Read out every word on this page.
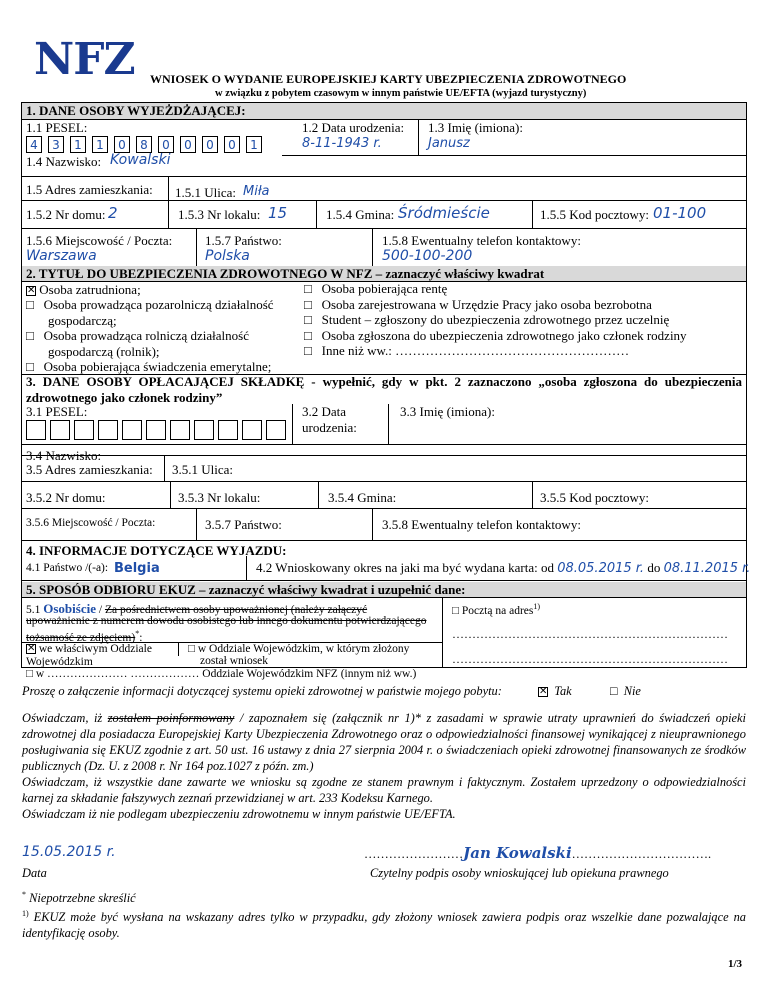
NFZ WNIOSEK O WYDANIE EUROPEJSKIEJ KARTY UBEZPIECZENIA ZDROWOTNEGO
w związku z pobytem czasowym w innym państwie UE/EFTA (wyjazd turystyczny)
1. DANE OSOBY WYJEŻDŻAJĄCEJ:
1.1 PESEL:
4	3	1	1	0	8	0	0	0	0	1
1.2 Data urodzenia:
8-11-1943 r.
1.3 Imię (imiona):
Janusz
1.4 Nazwisko: Kowalski
1.5 Adres zamieszkania: 1.5.1 Ulica: Miła
1.5.2 Nr domu: 2	1.5.3 Nr lokalu: 15	1.5.4 Gmina: Śródmieście	1.5.5 Kod pocztowy: 01-100
1.5.6 Miejscowość / Poczta:
Warszawa
1.5.7 Państwo:
Polska
1.5.8 Ewentualny telefon kontaktowy:
500-100-200
2. TYTUŁ DO UBEZPIECZENIA ZDROWOTNEGO W NFZ – zaznaczyć właściwy kwadrat
✕ Osoba zatrudniona;
□ Osoba prowadząca pozarolniczą działalność
gospodarczą;
□ Osoba prowadząca rolniczą działalność
gospodarczą (rolnik);
□ Osoba pobierająca świadczenia emerytalne;
□ Osoba pobierająca rentę
□ Osoba zarejestrowana w Urzędzie Pracy jako osoba bezrobotna
□ Student – zgłoszony do ubezpieczenia zdrowotnego przez uczelnię
□ Osoba zgłoszona do ubezpieczenia zdrowotnego jako członek rodziny
□ Inne niż ww.: ………………………………………………
3. DANE OSOBY OPŁACAJĄCEJ SKŁADKĘ - wypełnić, gdy w pkt. 2 zaznaczono „osoba zgłoszona do ubezpieczenia
zdrowotnego jako członek rodziny”
3.1 PESEL:	3.2 Data
urodzenia:
3.3 Imię (imiona):
3.4 Nazwisko:
3.5 Adres zamieszkania: 3.5.1 Ulica:
3.5.2 Nr domu:	3.5.3 Nr lokalu:	3.5.4 Gmina:	3.5.5 Kod pocztowy:
3.5.6 Miejscowość / Poczta:	3.5.7 Państwo:	3.5.8 Ewentualny telefon kontaktowy:
4. INFORMACJE DOTYCZĄCE WYJAZDU:
4.1 Państwo /(-a): Belgia	4.2 Wnioskowany okres na jaki ma być wydana karta: od 08.05.2015 r. do 08.11.2015 r.
5. SPOSÓB ODBIORU EKUZ – zaznaczyć właściwy kwadrat i uzupełnić dane:
5.1 Osobiście / Za pośrednictwem osoby upoważnionej (należy załączyć
upoważnienie z numerem dowodu osobistego lub innego dokumentu potwierdzającego
tożsamość ze zdjęciem)*:
✕ we właściwym Oddziale
Wojewódzkim
□ w Oddziale Wojewódzkim, w którym złożony
został wniosek
□ w ………………… ……………… Oddziale Wojewódzkim NFZ (innym niż ww.)
□ Pocztą na adres$^{1)}$
……………………………………………………………
……………………………………………………………
Proszę o załączenie informacji dotyczącej systemu opieki zdrowotnej w państwie mojego pobytu:	✕ Tak	□ Nie
Oświadczam, iż zostałem poinformowany / zapoznałem się (załącznik nr 1)* z zasadami w sprawie utraty uprawnień do świadczeń opieki zdrowotnej dla posiadacza Europejskiej Karty Ubezpieczenia Zdrowotnego oraz o odpowiedzialności finansowej wynikającej z nieuprawnionego posługiwania się EKUZ zgodnie z art. 50 ust. 16 ustawy z dnia 27 sierpnia 2004 r. o świadczeniach opieki zdrowotnej finansowanych ze środków publicznych (Dz. U. z 2008 r. Nr 164 poz.1027 z późn. zm.)
Oświadczam, iż wszystkie dane zawarte we wniosku są zgodne ze stanem prawnym i faktycznym. Zostałem uprzedzony o odpowiedzialności karnej za składanie fałszywych zeznań przewidzianej w art. 233 Kodeksu Karnego.
Oświadczam iż nie podlegam ubezpieczeniu zdrowotnemu w innym państwie UE/EFTA.
15.05.2015 r.
Data
……………………Jan Kowalski…………………………….
Czytelny podpis osoby wnioskującej lub opiekuna prawnego
* Niepotrzebne skreślić
$^{1)}$ EKUZ może być wysłana na wskazany adres tylko w przypadku, gdy złożony wniosek zawiera podpis oraz wszelkie dane pozwalające na identyfikację osoby.
1/3
